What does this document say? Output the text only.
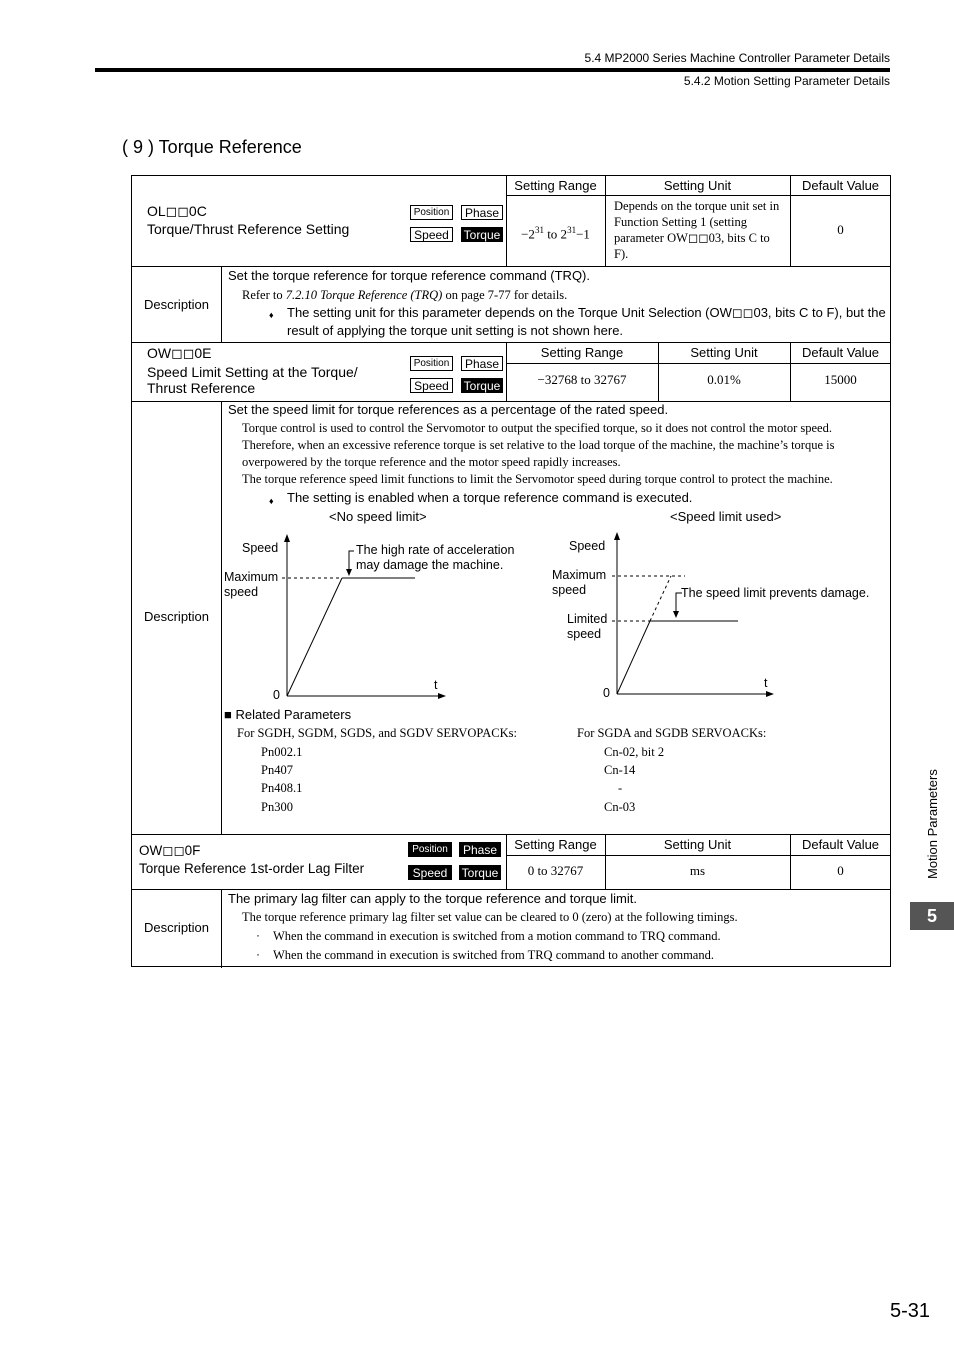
5.4 MP2000 Series Machine Controller Parameter Details
5.4.2 Motion Setting Parameter Details
( 9 ) Torque Reference
Setting Range	Setting Unit	Default Value
OL◻◻0C
Torque/Thrust Reference Setting
Position	Phase
Speed	Torque	$-2^{31}$ to $2^{31}-1$
Depends on the torque unit set in Function Setting 1 (setting parameter OW◻◻03, bits C to F).
0
Description
Set the torque reference for torque reference command (TRQ).
Refer to 7.2.10 Torque Reference (TRQ) on page 7-77 for details.
♦ The setting unit for this parameter depends on the Torque Unit Selection (OW◻◻03, bits C to F), but the result of applying the torque unit setting is not shown here.
OW◻◻0E
Speed Limit Setting at the Torque/
Thrust Reference
Position	Phase
Speed	Torque
Setting Range	Setting Unit	Default Value
−32768 to 32767	0.01%	15000
Description
Set the speed limit for torque references as a percentage of the rated speed.
Torque control is used to control the Servomotor to output the specified torque, so it does not control the motor speed. Therefore, when an excessive reference torque is set relative to the load torque of the machine, the machine’s torque is overpowered by the torque reference and the motor speed rapidly increases.
The torque reference speed limit functions to limit the Servomotor speed during torque control to protect the machine.
♦ The setting is enabled when a torque reference command is executed.
<No speed limit>	<Speed limit used>
Speed
Maximum
speed
The high rate of acceleration
may damage the machine.
0
t
Speed
Maximum
speed
Limited
speed
The speed limit prevents damage.
0
t
■ Related Parameters
For SGDH, SGDM, SGDS, and SGDV SERVOPACKs:	For SGDA and SGDB SERVOACKs:
Pn002.1	Cn-02, bit 2
Pn407	Cn-14
Pn408.1	-
Pn300	Cn-03
OW◻◻0F
Torque Reference 1st-order Lag Filter
Position	Phase
Speed	Torque
Setting Range	Setting Unit	Default Value
0 to 32767	ms	0
Description
The primary lag filter can apply to the torque reference and torque limit.
The torque reference primary lag filter set value can be cleared to 0 (zero) at the following timings.
· When the command in execution is switched from a motion command to TRQ command.
· When the command in execution is switched from TRQ command to another command.
Motion Parameters
5
5-31
